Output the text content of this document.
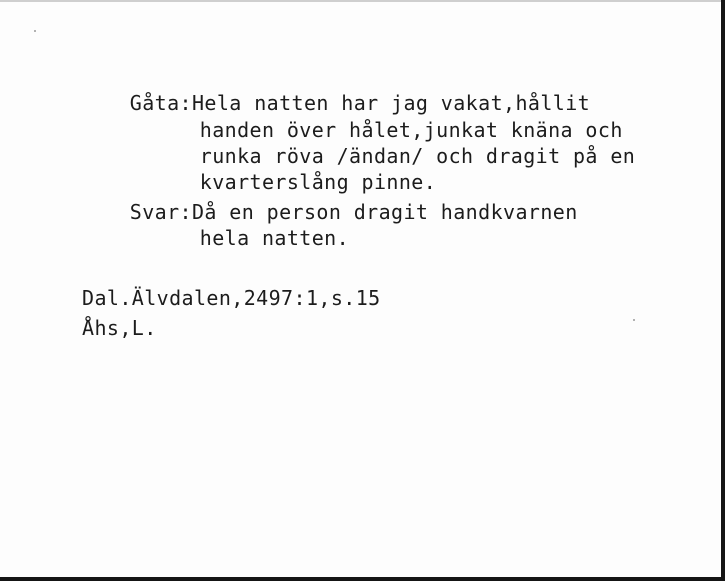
Gåta:Hela natten har jag vakat,hållit

handen över hålet,junkat knäna och

runka röva /ändan/ och dragit på en

kvarterslång pinne.

Svar:Då en person dragit handkvarnen

hela natten.

Dal.Älvdalen,2497:1,s.15
Åhs,L.
